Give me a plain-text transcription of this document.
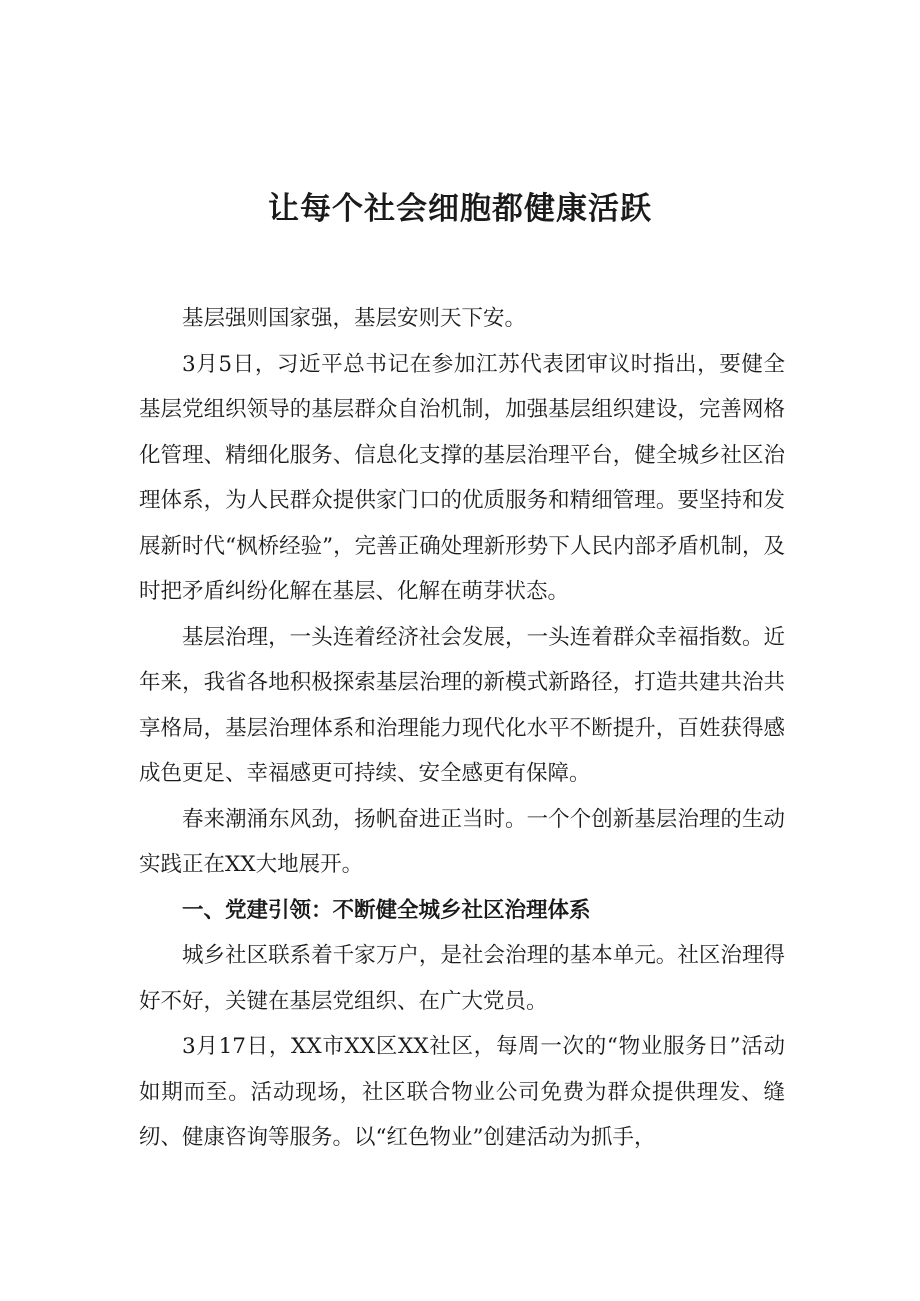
让每个社会细胞都健康活跃

基层强则国家强，基层安则天下安。

3月5日，习近平总书记在参加江苏代表团审议时指出，要健全基层党组织领导的基层群众自治机制，加强基层组织建设，完善网格化管理、精细化服务、信息化支撑的基层治理平台，健全城乡社区治理体系，为人民群众提供家门口的优质服务和精细管理。要坚持和发展新时代“枫桥经验”，完善正确处理新形势下人民内部矛盾机制，及时把矛盾纠纷化解在基层、化解在萌芽状态。

基层治理，一头连着经济社会发展，一头连着群众幸福指数。近年来，我省各地积极探索基层治理的新模式新路径，打造共建共治共享格局，基层治理体系和治理能力现代化水平不断提升，百姓获得感成色更足、幸福感更可持续、安全感更有保障。

春来潮涌东风劲，扬帆奋进正当时。一个个创新基层治理的生动实践正在XX大地展开。

一、党建引领：不断健全城乡社区治理体系

城乡社区联系着千家万户，是社会治理的基本单元。社区治理得好不好，关键在基层党组织、在广大党员。

3月17日，XX市XX区XX社区，每周一次的“物业服务日”活动如期而至。活动现场，社区联合物业公司免费为群众提供理发、缝纫、健康咨询等服务。以“红色物业”创建活动为抓手，
